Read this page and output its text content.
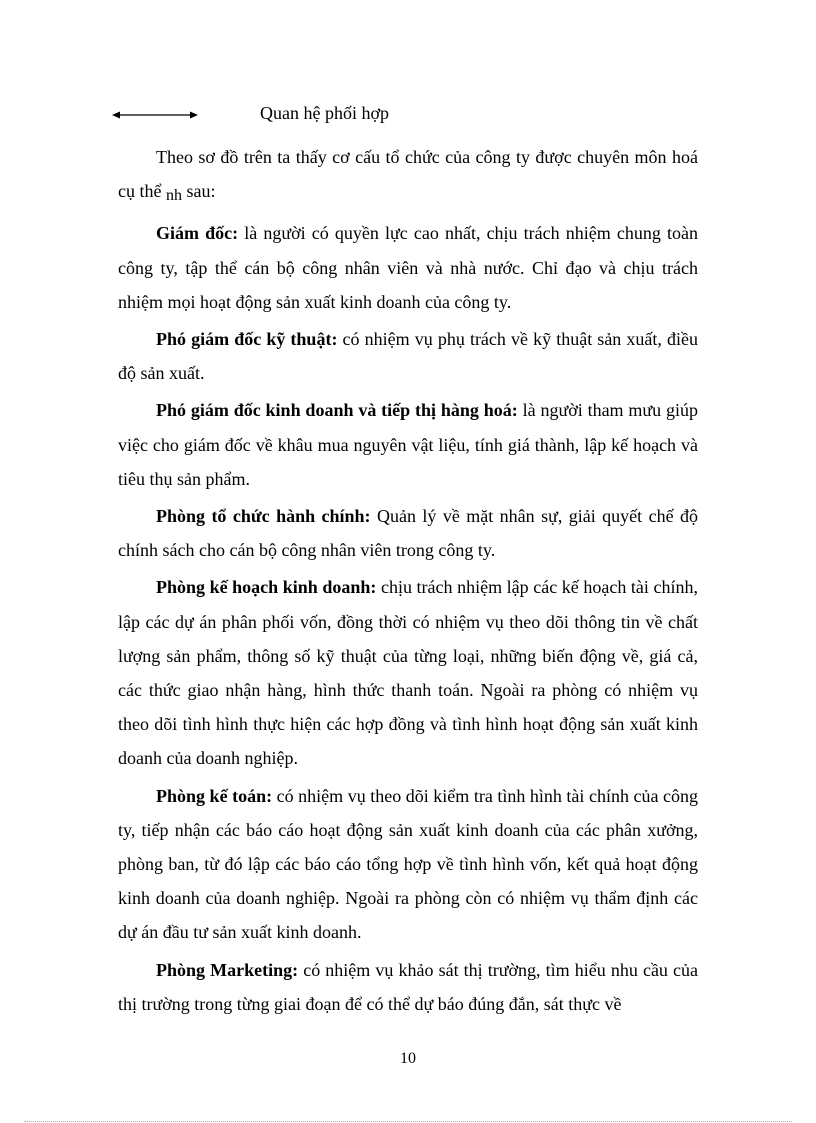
Quan hệ phối hợp

Theo sơ đồ trên ta thấy cơ cấu tổ chức của công ty được chuyên môn hoá cụ thể nh sau:

Giám đốc: là người có quyền lực cao nhất, chịu trách nhiệm chung toàn công ty, tập thể cán bộ công nhân viên và nhà nước. Chỉ đạo và chịu trách nhiệm mọi hoạt động sản xuất kinh doanh của công ty.

Phó giám đốc kỹ thuật: có nhiệm vụ phụ trách về kỹ thuật sản xuất, điều độ sản xuất.

Phó giám đốc kinh doanh và tiếp thị hàng hoá: là người tham mưu giúp việc cho giám đốc về khâu mua nguyên vật liệu, tính giá thành, lập kế hoạch và tiêu thụ sản phẩm.

Phòng tổ chức hành chính: Quản lý về mặt nhân sự, giải quyết chế độ chính sách cho cán bộ công nhân viên trong công ty.

Phòng kế hoạch kinh doanh: chịu trách nhiệm lập các kế hoạch tài chính, lập các dự án phân phối vốn, đồng thời có nhiệm vụ theo dõi thông tin về chất lượng sản phẩm, thông số kỹ thuật của từng loại, những biến động về, giá cả, các thức giao nhận hàng, hình thức thanh toán. Ngoài ra phòng có nhiệm vụ theo dõi tình hình thực hiện các hợp đồng và tình hình hoạt động sản xuất kinh doanh của doanh nghiệp.

Phòng kế toán: có nhiệm vụ theo dõi kiểm tra tình hình tài chính của công ty, tiếp nhận các báo cáo hoạt động sản xuất kinh doanh của các phân xưởng, phòng ban, từ đó lập các báo cáo tổng hợp về tình hình vốn, kết quả hoạt động kinh doanh của doanh nghiệp. Ngoài ra phòng còn có nhiệm vụ thẩm định các dự án đầu tư sản xuất kinh doanh.

Phòng Marketing: có nhiệm vụ khảo sát thị trường, tìm hiểu nhu cầu của thị trường trong từng giai đoạn để có thể dự báo đúng đắn, sát thực về

10
